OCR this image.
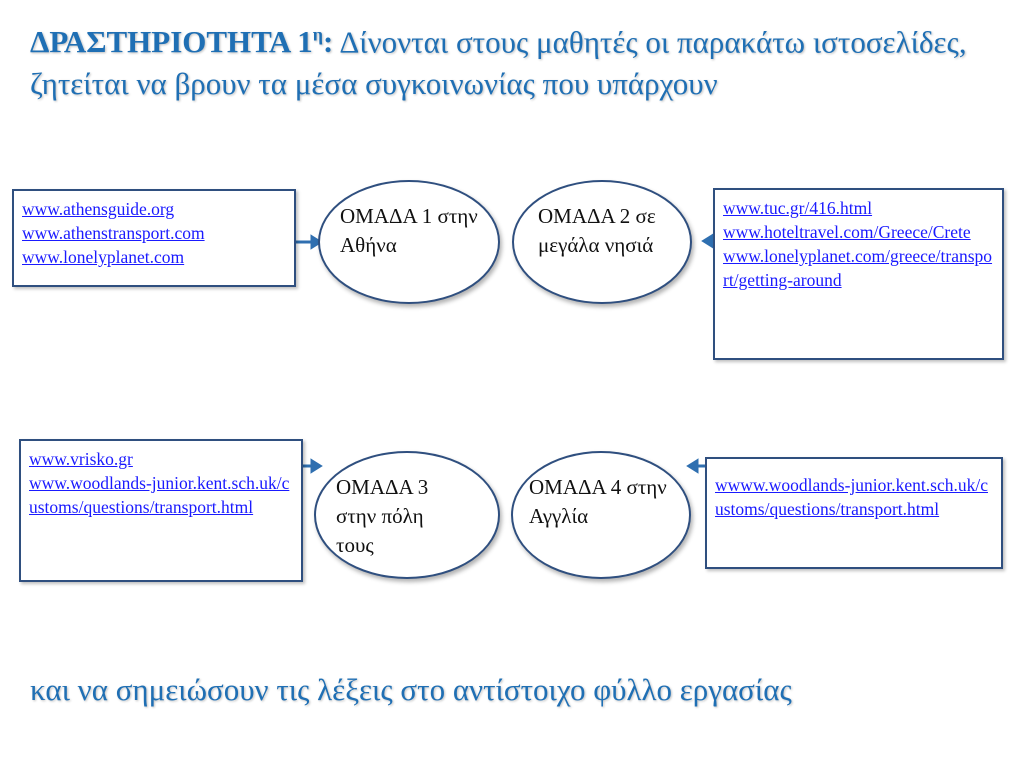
ΔΡΑΣΤΗΡΙΟΤΗΤΑ $1^\eta$: Δίνονται στους μαθητές οι παρακάτω ιστοσελίδες, ζητείται να βρουν τα μέσα συγκοινωνίας που υπάρχουν
www.athensguide.org
www.athenstransport.com
www.lonelyplanet.com
www.tuc.gr/416.html
www.hoteltravel.com/Greece/Crete
www.lonelyplanet.com/greece/transport/getting-around
www.vrisko.gr
www.woodlands-junior.kent.sch.uk/customs/questions/transport.html
wwww.woodlands-junior.kent.sch.uk/customs/questions/transport.html
ΟΜΑΔΑ 1 στην Αθήνα
ΟΜΑΔΑ 2 σε μεγάλα νησιά
ΟΜΑΔΑ 3 στην πόλη τους
ΟΜΑΔΑ 4 στην Αγγλία
και να σημειώσουν τις λέξεις στο αντίστοιχο φύλλο εργασίας
